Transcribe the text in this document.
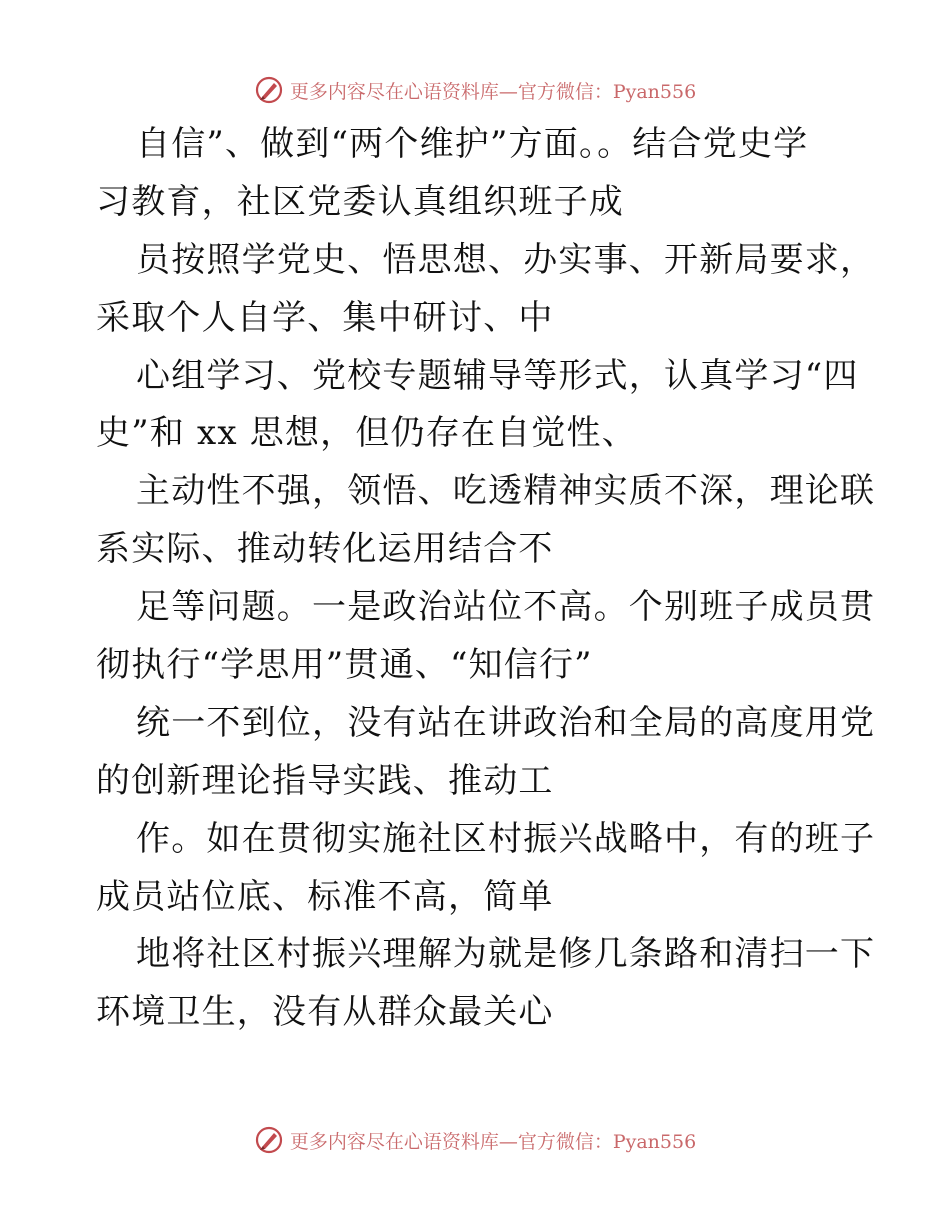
更多内容尽在心语资料库—官方微信：Pyan556
自信”、做到“两个维护”方面。。结合党史学
习教育，社区党委认真组织班子成
员按照学党史、悟思想、办实事、开新局要求，
采取个人自学、集中研讨、中
心组学习、党校专题辅导等形式，认真学习“四
史”和 xx 思想，但仍存在自觉性、
主动性不强，领悟、吃透精神实质不深，理论联
系实际、推动转化运用结合不
足等问题。一是政治站位不高。个别班子成员贯
彻执行“学思用”贯通、“知信行”
统一不到位，没有站在讲政治和全局的高度用党
的创新理论指导实践、推动工
作。如在贯彻实施社区村振兴战略中，有的班子
成员站位底、标准不高，简单
地将社区村振兴理解为就是修几条路和清扫一下
环境卫生，没有从群众最关心
更多内容尽在心语资料库—官方微信：Pyan556
